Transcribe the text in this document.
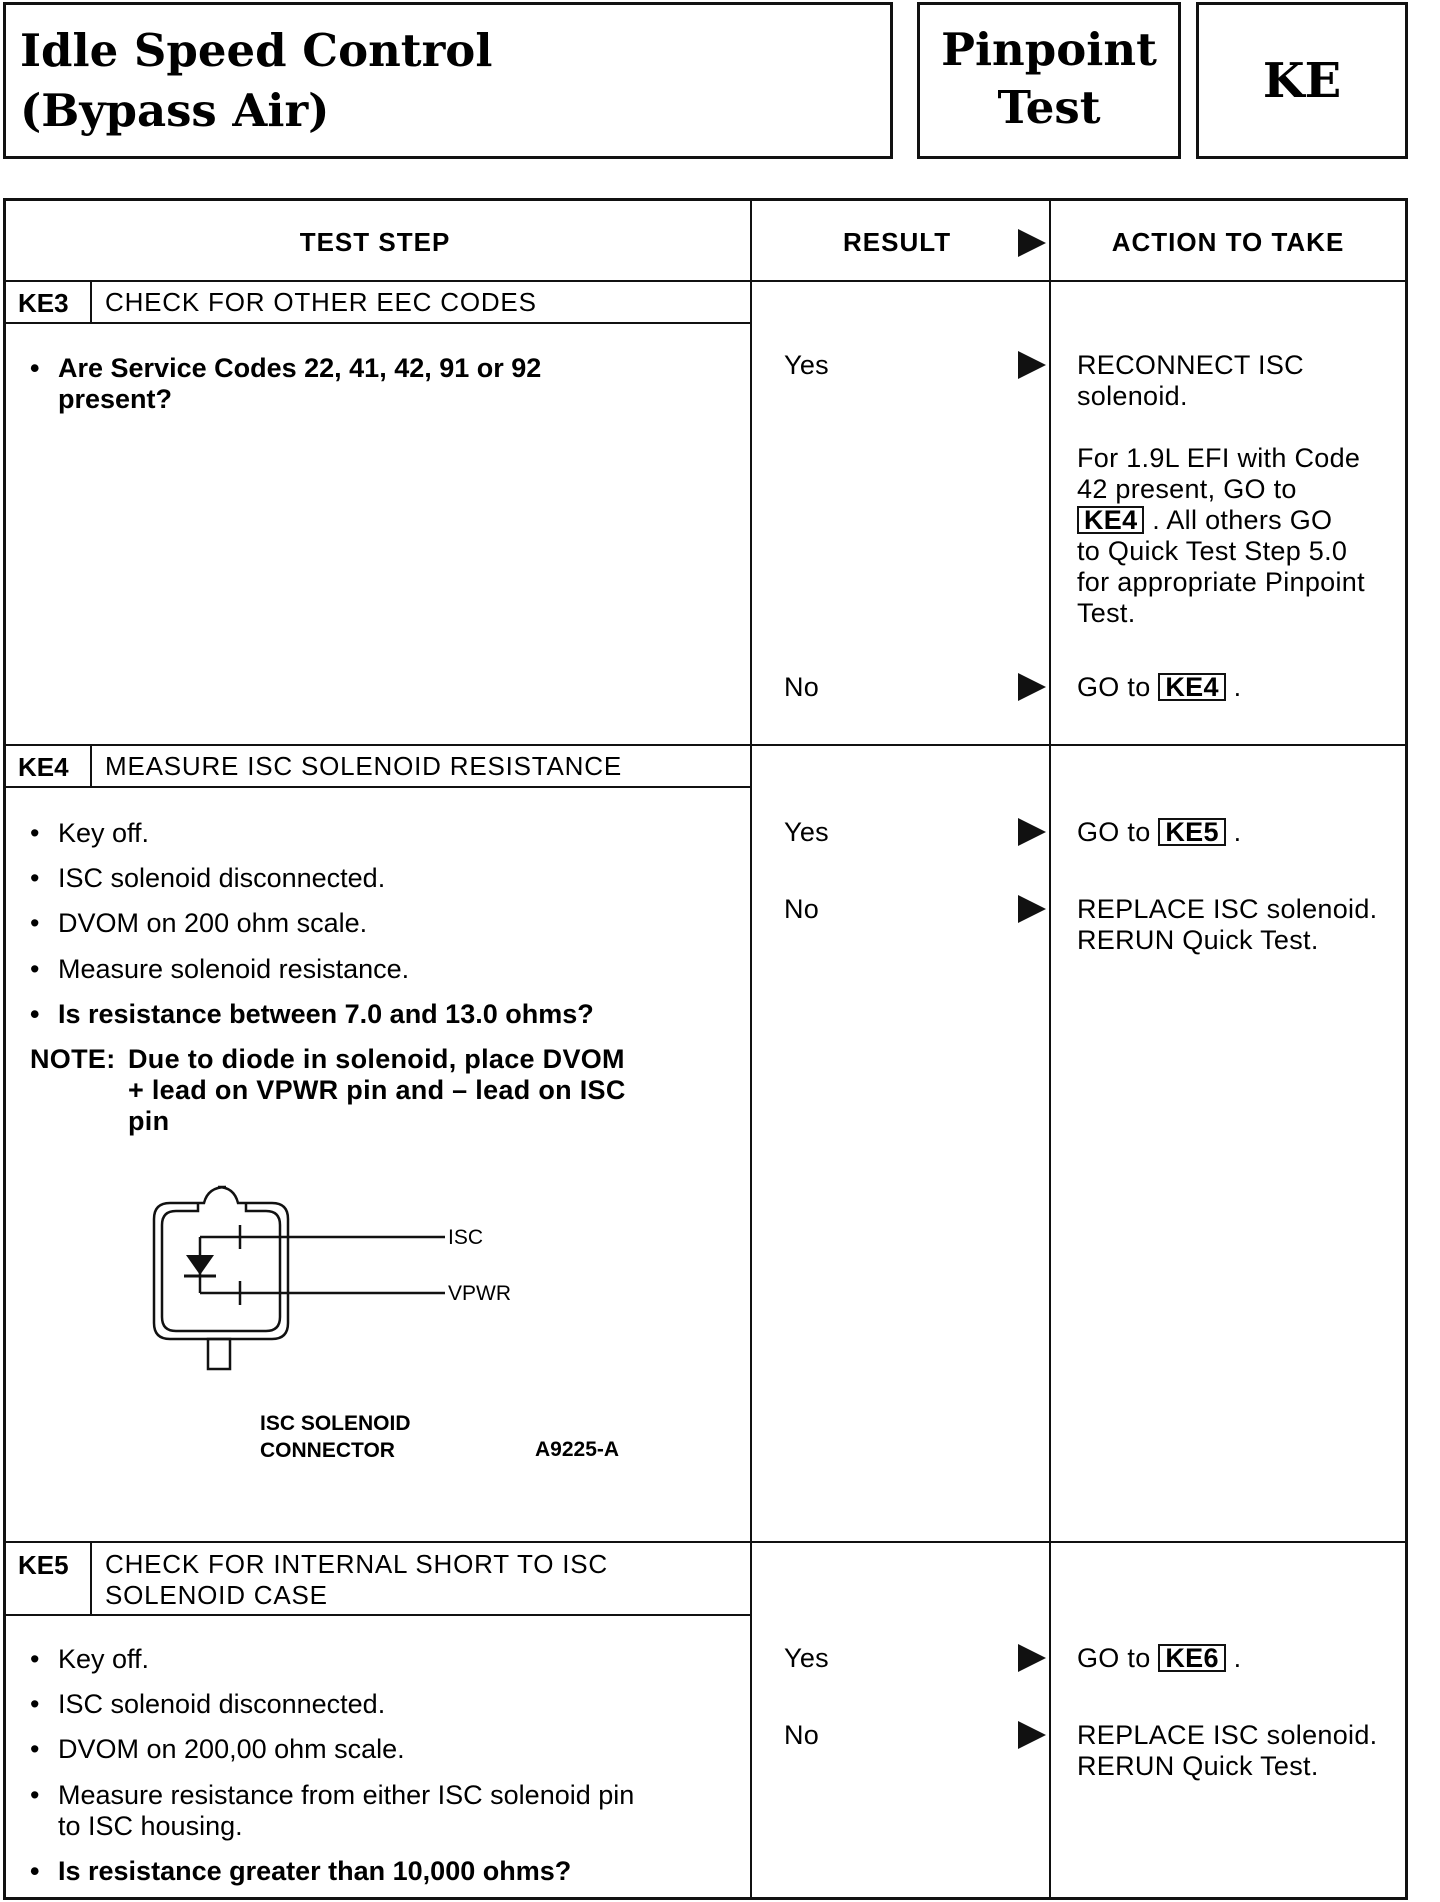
Idle Speed Control
(Bypass Air)
Pinpoint
Test	KE
TEST STEP	RESULT	ACTION TO TAKE
KE3 CHECK FOR OTHER EEC CODES
• Are Service Codes 22, 41, 42, 91 or 92
present?
Yes	RECONNECT ISC
solenoid.
For 1.9L EFI with Code
42 present, GO to
KE4 . All others GO
to Quick Test Step 5.0
for appropriate Pinpoint
Test.
No	GO to KE4 .
KE4 MEASURE ISC SOLENOID RESISTANCE
• Key off.
• ISC solenoid disconnected.
• DVOM on 200 ohm scale.
• Measure solenoid resistance.
• Is resistance between 7.0 and 13.0 ohms?
NOTE: Due to diode in solenoid, place DVOM
+ lead on VPWR pin and – lead on ISC
pin
ISC
VPWR
ISC SOLENOID
CONNECTOR	A9225-A
Yes	GO to KE5 .
No	REPLACE ISC solenoid.
RERUN Quick Test.
KE5 CHECK FOR INTERNAL SHORT TO ISC
SOLENOID CASE
• Key off.
• ISC solenoid disconnected.
• DVOM on 200,00 ohm scale.
• Measure resistance from either ISC solenoid pin
to ISC housing.
• Is resistance greater than 10,000 ohms?
Yes	GO to KE6 .
No	REPLACE ISC solenoid.
RERUN Quick Test.
